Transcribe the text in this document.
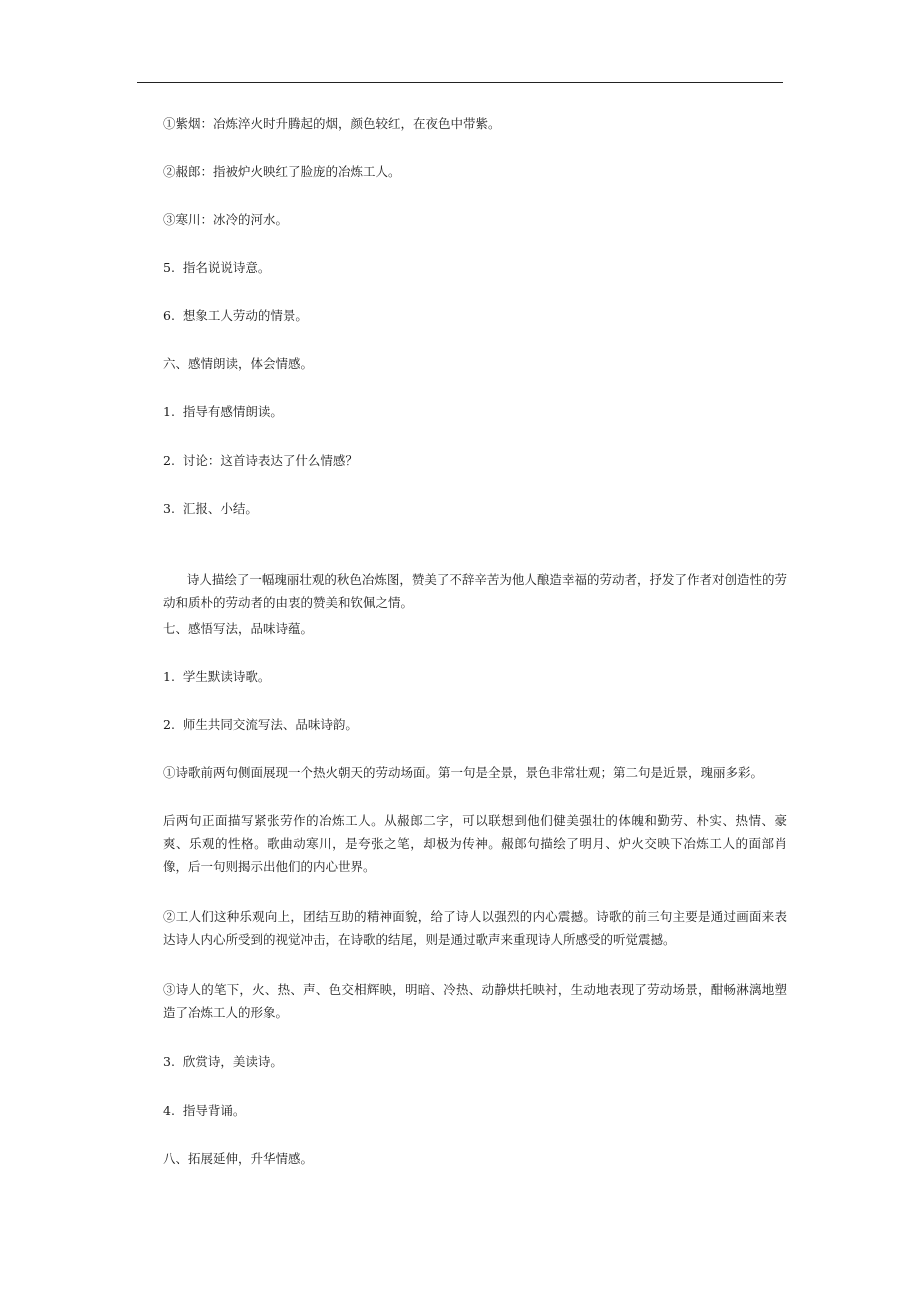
①紫烟：冶炼淬火时升腾起的烟，颜色较红，在夜色中带紫。
②赧郎：指被炉火映红了脸庞的冶炼工人。
③寒川：冰冷的河水。
5.  指名说说诗意。
6.  想象工人劳动的情景。
六、感情朗读，体会情感。
1.  指导有感情朗读。
2.  讨论：这首诗表达了什么情感？
3.  汇报、小结。

诗人描绘了一幅瑰丽壮观的秋色冶炼图，赞美了不辞辛苦为他人酿造幸福的劳动者，抒发了作者对创造性的劳动和质朴的劳动者的由衷的赞美和钦佩之情。

七、感悟写法，品味诗蕴。
1.  学生默读诗歌。
2.  师生共同交流写法、品味诗韵。
①诗歌前两句侧面展现一个热火朝天的劳动场面。第一句是全景，景色非常壮观；第二句是近景，瑰丽多彩。
后两句正面描写紧张劳作的冶炼工人。从赧郎二字，可以联想到他们健美强壮的体魄和勤劳、朴实、热情、豪爽、乐观的性格。歌曲动寒川，是夸张之笔，却极为传神。赧郎句描绘了明月、炉火交映下冶炼工人的面部肖像，后一句则揭示出他们的内心世界。
②工人们这种乐观向上，团结互助的精神面貌，给了诗人以强烈的内心震撼。诗歌的前三句主要是通过画面来表达诗人内心所受到的视觉冲击，在诗歌的结尾，则是通过歌声来重现诗人所感受的听觉震撼。
③诗人的笔下，火、热、声、色交相辉映，明暗、冷热、动静烘托映衬，生动地表现了劳动场景，酣畅淋漓地塑造了冶炼工人的形象。
3.  欣赏诗，美读诗。
4.  指导背诵。
八、拓展延伸，升华情感。
